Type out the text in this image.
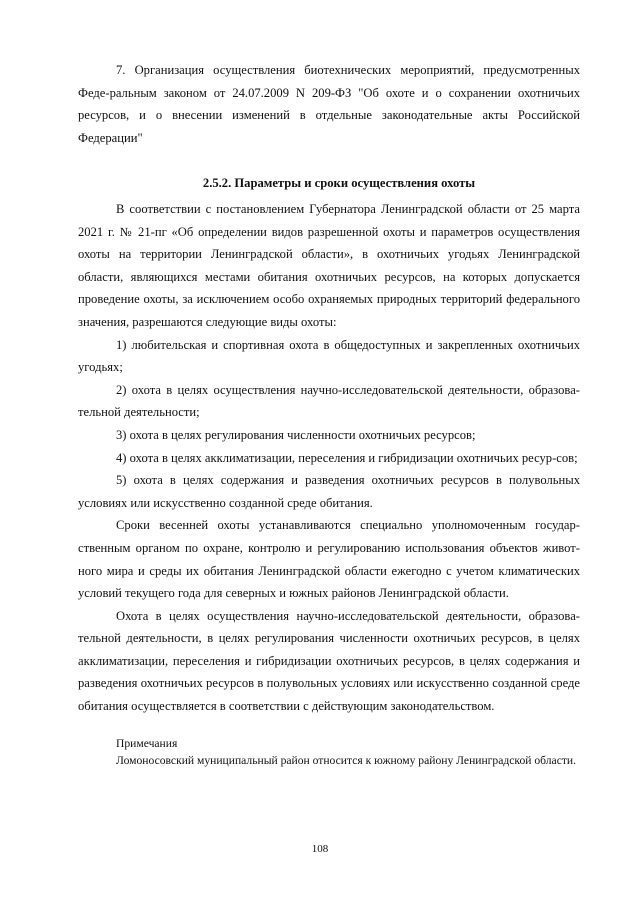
7. Организация осуществления биотехнических мероприятий, предусмотренных Феде-ральным законом от 24.07.2009 N 209-ФЗ "Об охоте и о сохранении охотничьих ресурсов, и о внесении изменений в отдельные законодательные акты Российской Федерации"

2.5.2. Параметры и сроки осуществления охоты

В соответствии с постановлением Губернатора Ленинградской области от 25 марта 2021 г. № 21-пг «Об определении видов разрешенной охоты и параметров осуществления охоты на территории Ленинградской области», в охотничьих угодьях Ленинградской области, являющихся местами обитания охотничьих ресурсов, на которых допускается проведение охоты, за исключением особо охраняемых природных территорий федерального значения, разрешаются следующие виды охоты:

1) любительская и спортивная охота в общедоступных и закрепленных охотничьих угодьях;

2) охота в целях осуществления научно-исследовательской деятельности, образова-тельной деятельности;

3) охота в целях регулирования численности охотничьих ресурсов;

4) охота в целях акклиматизации, переселения и гибридизации охотничьих ресур-сов;

5) охота в целях содержания и разведения охотничьих ресурсов в полувольных условиях или искусственно созданной среде обитания.

Сроки весенней охоты устанавливаются специально уполномоченным государ-ственным органом по охране, контролю и регулированию использования объектов живот-ного мира и среды их обитания Ленинградской области ежегодно с учетом климатических условий текущего года для северных и южных районов Ленинградской области.

Охота в целях осуществления научно-исследовательской деятельности, образова-тельной деятельности, в целях регулирования численности охотничьих ресурсов, в целях акклиматизации, переселения и гибридизации охотничьих ресурсов, в целях содержания и разведения охотничьих ресурсов в полувольных условиях или искусственно созданной среде обитания осуществляется в соответствии с действующим законодательством.

Примечания

Ломоносовский муниципальный район относится к южному району Ленинградской области.

108
